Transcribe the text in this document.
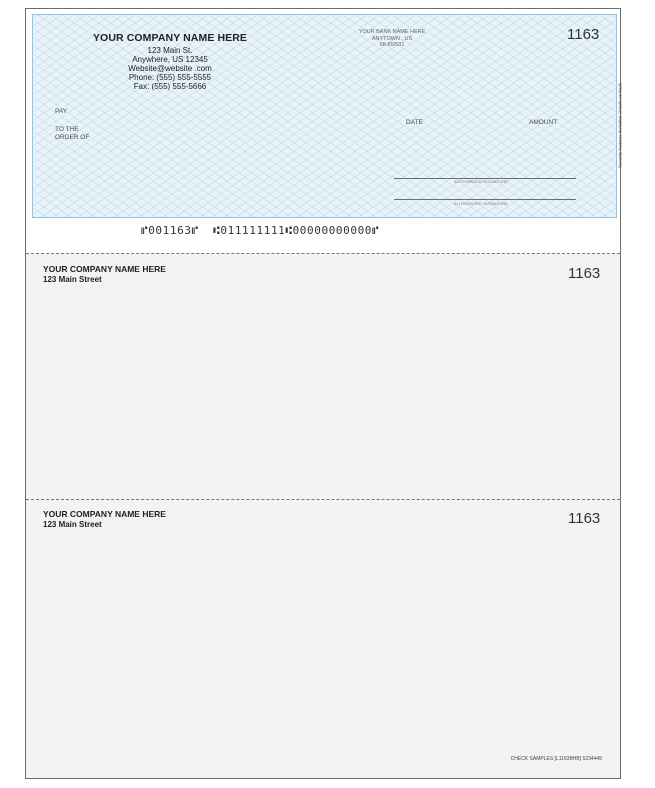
YOUR COMPANY NAME HERE
123 Main St.
Anywhere, US 12345
Website@website .com
Phone: (555) 555-5555
Fax: (555) 555-5666
YOUR BANK NAME HERE
ANYTOWN , US
68-85/531
1163
PAY
TO THE
ORDER OF
DATE	AMOUNT
AUTHORIZED SIGNATURE
AUTHORIZED SIGNATURE
Security features included. Details on back.
⑈001163⑈  ⑆011111111⑆00000000000⑈
YOUR COMPANY NAME HERE
123 Main Street	1163
YOUR COMPANY NAME HERE
123 Main Street	1163
CHECK SAMPLES [L1163BHB] 5234445
